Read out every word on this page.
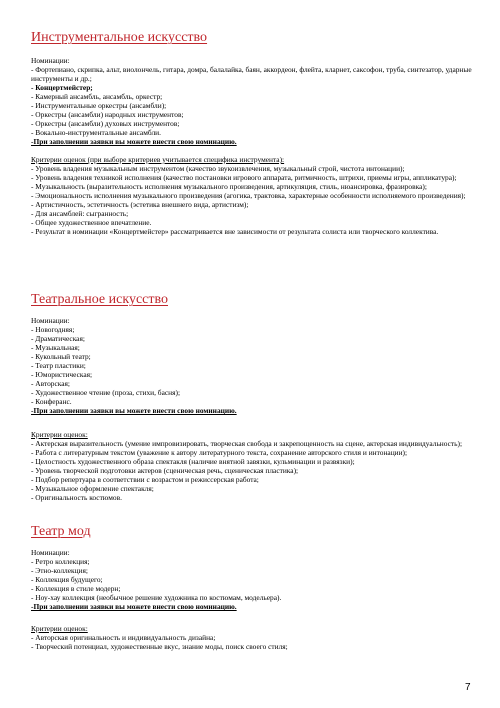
Инструментальное искусство
Номинации:
- Фортепиано, скрипка, альт, виолончель, гитара, домра, балалайка, баян, аккордеон, флейта, кларнет, саксофон, труба, синтезатор, ударные инструменты и др.;
- Концертмейстер;
- Камерный ансамбль, ансамбль, оркестр;
- Инструментальные оркестры (ансамбли);
- Оркестры (ансамбли) народных инструментов;
- Оркестры (ансамбли) духовых инструментов;
- Вокально-инструментальные ансамбли.
-При заполнении заявки вы можете внести свою номинацию.
Критерии оценок (при выборе критериев учитывается специфика инструмента):
- Уровень владения музыкальным инструментом (качество звукоизвлечения, музыкальный строй, чистота интонации);
- Уровень владения техникой исполнения (качество постановки игрового аппарата, ритмичность, штрихи, приемы игры, аппликатура);
- Музыкальность (выразительность исполнения музыкального произведения, артикуляция, стиль, нюансировка, фразировка);
- Эмоциональность исполнения музыкального произведения (агогика, трактовка, характерные особенности исполняемого произведения);
- Артистичность, эстетичность (эстетика внешнего вида, артистизм);
- Для ансамблей: сыгранность;
- Общее художественное впечатление.
- Результат в номинации «Концертмейстер» рассматривается вне зависимости от результата солиста или творческого коллектива.
Театральное искусство
Номинации:
- Новогодняя;
- Драматическая;
- Музыкальная;
- Кукольный театр;
- Театр пластики;
- Юмористическая;
- Авторская;
- Художественное чтение (проза, стихи, басня);
- Конферанс.
-При заполнении заявки вы можете внести свою номинацию.
Критерии оценок:
- Актерская выразительность (умение импровизировать, творческая свобода и закрепощенность на сцене, актерская индивидуальность);
- Работа с литературным текстом (уважение к автору литературного текста, сохранение авторского стиля и интонации);
- Целостность художественного образа спектакля (наличие внятной завязки, кульминации и развязки);
- Уровень творческой подготовки актеров (сценическая речь, сценическая пластика);
- Подбор репертуара в соответствии с возрастом и режиссерская работа;
- Музыкальное оформление спектакля;
- Оригинальность костюмов.
Театр мод
Номинации:
- Ретро коллекция;
- Этно-коллекция;
- Коллекция будущего;
- Коллекция в стиле модерн;
- Ноу-хау коллекция (необычное решение художника по костюмам, модельера).
-При заполнении заявки вы можете внести свою номинацию.
Критерии оценок:
- Авторская оригинальность и индивидуальность дизайна;
- Творческий потенциал, художественные вкус, знание моды, поиск своего стиля;
7
